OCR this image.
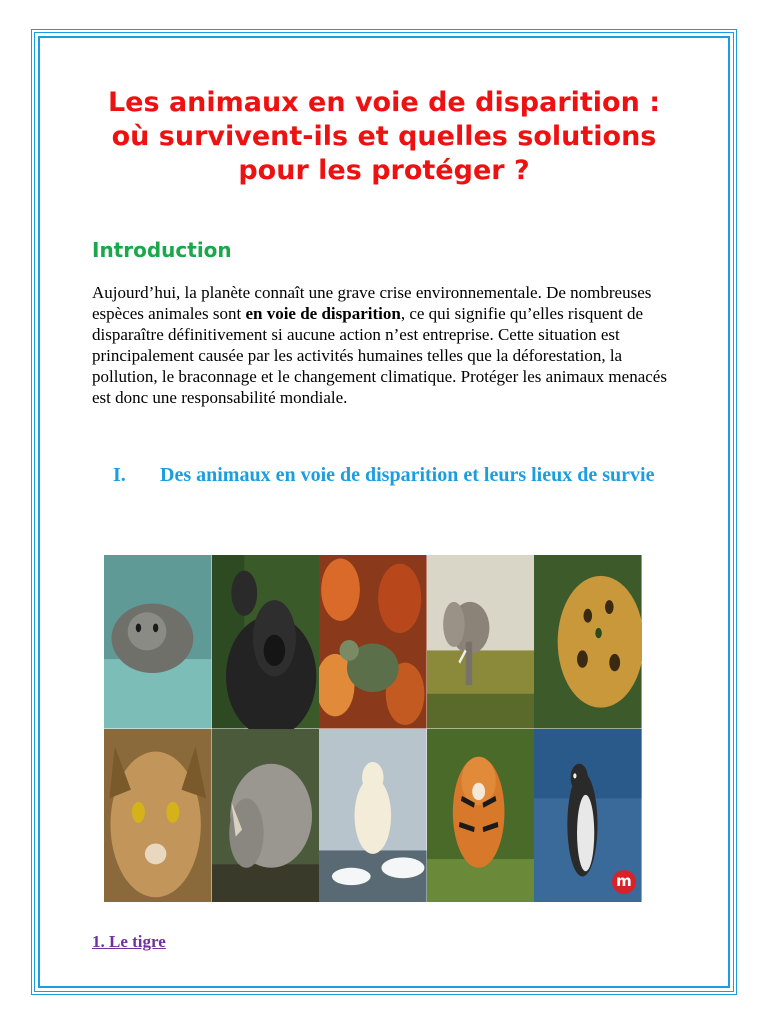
Les animaux en voie de disparition : où survivent-ils et quelles solutions pour les protéger ?
Introduction

Aujourd’hui, la planète connaît une grave crise environnementale. De nombreuses espèces animales sont en voie de disparition, ce qui signifie qu’elles risquent de disparaître définitivement si aucune action n’est entreprise. Cette situation est principalement causée par les activités humaines telles que la déforestation, la pollution, le braconnage et le changement climatique. Protéger les animaux menacés est donc une responsabilité mondiale.

I.	Des animaux en voie de disparition et leurs lieux de survie
m

1. Le tigre
